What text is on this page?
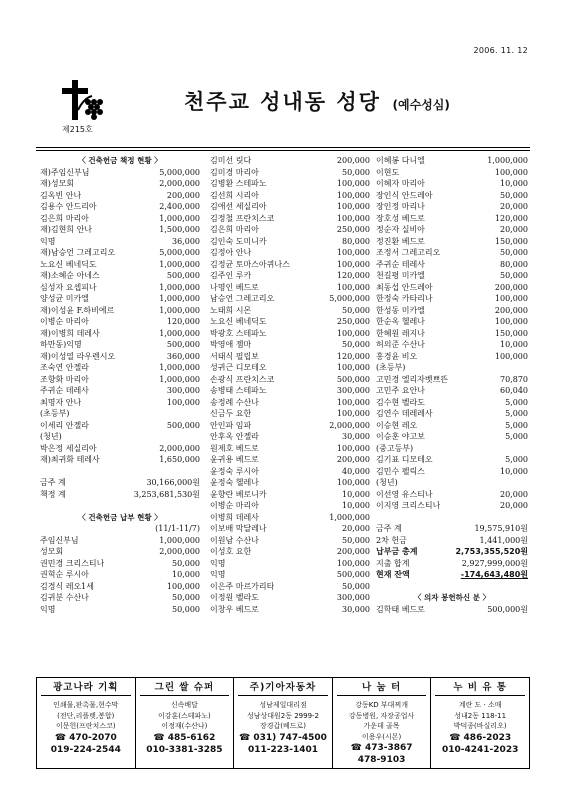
2006. 11. 12
제215호
천주교 성내동 성당 (예수성심)
〈 건축헌금 책정 현황 〉
재)주임신부님	5,000,000
재)성모회	2,000,000
김옥빈 안나	200,000
김용수 안드리아	2,400,000
김은희 마리아	1,000,000
재)김현희 안나	1,500,000
익명	36,000
재)남승언 그레고리오	5,000,000
노요신 베네딕도	1,000,000
재)소혜순 아네스	500,000
심성자 요셉피나	1,000,000
양성균 미카엘	1,000,000
재)이성윤 F.하비에르	1,000,000
이병순 마리아	120,000
재)이병희 데레사	1,000,000
하만동)익명	500,000
재)이성열 라우렌시오	360,000
조숙연 안젤라	1,000,000
조향화 마리아	1,000,000
주귀순 데레사	300,000
최명자 안나	100,000
(초등부)
이세리 안젤라	500,000
(청년)
박은정 세실리아	2,000,000
재)최귀화 테레사	1,650,000
금주 계	30,166,000원
책정 계	3,253,681,530원
〈 건축헌금 납부 현황 〉
(11/1-11/7)
주임신부님	1,000,000
성모회	2,000,000
권민경 크리스티나	50,000
권혁순 루시아	10,000
김경식 레오1세	100,000
김귀분 수산나	50,000
익명	50,000
김미선 릿다	200,000
김미경 마리아	50,000
김병환 스테파노	100,000
김선희 시리아	100,000
김애선 세실리아	100,000
김정철 프란치스코	100,000
김은희 마리아	250,000
김인숙 도미니카	80,000
김정아 안나	100,000
김정균 토마스아퀴나스	100,000
김주인 루카	120,000
나명인 베드로	100,000
남승언 그레고리오	5,000,000
노태희 시몬	50,000
노요신 베네딕도	250,000
박광호 스테파노	100,000
박영애 젬마	50,000
서태식 필립보	120,000
성귀근 디모테오	100,000
손광식 프란치스코	500,000
송병태 스테파노	300,000
송정례 수산나	100,000
신금두 요한	100,000
안인파 임파	2,000,000
안후옥 안젤라	30,000
원제호 베드로	100,000
윤귀용 베드로	200,000
윤정숙 루시아	40,000
윤정숙 헬레나	100,000
윤향란 베로니카	10,000
이병순 마리아	10,000
이병희 데레사	1,000,000
이보배 막달레나	20,000
이원남 수산나	50,000
이성호 요한	200,000
익명	100,000
익명	500,000
이은주 마르가리타	50,000
이정원 벨라도	300,000
이창우 베드로	30,000
이혜봉 다니엘	1,000,000
이현도	100,000
이혜자 마리아	10,000
장인식 안드레아	50,000
장인정 마리나	20,000
장호성 베드로	120,000
정순자 실비아	20,000
정진환 베드로	150,000
조정서 그레고리오	50,000
주귀순 테레사	80,000
천길평 미카엘	50,000
최동섭 안드레아	200,000
한정숙 카타리나	100,000
한성동 미카엘	200,000
한순옥 헬레나	100,000
한혜원 레지나	150,000
허의준 수산나	10,000
홍경윤 비오	100,000
(초등부)
고민경 엘리자벳쁘뜬	70,870
고민주 요안나	60,040
김수현 벨라도	5,000
김연수 데레레사	5,000
이승현 레오	5,000
이승훈 야고보	5,000
(중고등부)
김기표 디모테오	5,000
김민수 펠릭스	10,000
(청년)
이선영 유스티나	20,000
이지영 크리스티나	20,000
금주 계	19,575,910원
2차 헌금	1,441,000원
납부금 총계	2,753,355,520원
지출 합계	2,927,999,000원
현재 잔액	-174,643,480원
〈 의자 봉헌하신 분 〉
김학태 베드로	500,000원
광고나라 기획
인쇄물,판촉물,현수막
(전단,리플렛,봉합)
이문헌(프란치스코)
☎ 470-2070
019-224-2544
그린 쌀 슈퍼
신속배달
이강훈(스테파노)
이정재(수산나)
☎ 485-6162
010-3381-3285
주)기아자동차
성남제일대리점
성남상대원2동 2999-2
장경갑(베드로)
☎ 031) 747-4500
011-223-1401
나 눔 터
강동KD 부대찌개
강동병원, 자장공업사
가운데 골목
이용우(시몬)
☎ 473-3867
478-9103
누 비 유 통
계란 도 · 소매
성내2동 118-11
박덕종(바실리오)
☎ 486-2023
010-4241-2023
